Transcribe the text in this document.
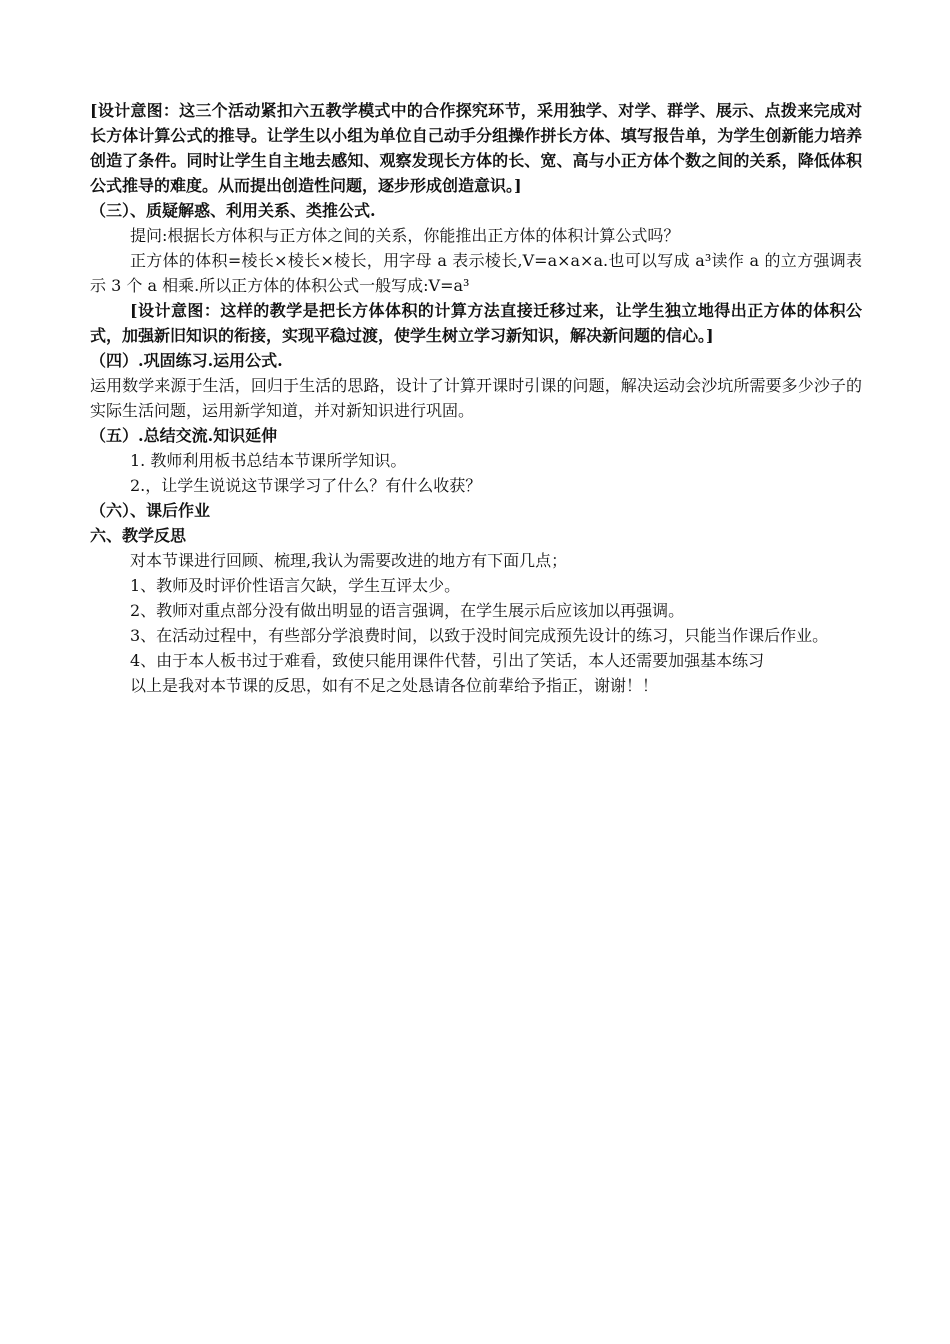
[设计意图：这三个活动紧扣六五教学模式中的合作探究环节，采用独学、对学、群学、展示、点拨来完成对长方体计算公式的推导。让学生以小组为单位自己动手分组操作拼长方体、填写报告单，为学生创新能力培养创造了条件。同时让学生自主地去感知、观察发现长方体的长、宽、高与小正方体个数之间的关系，降低体积公式推导的难度。从而提出创造性问题，逐步形成创造意识。]

（三）、质疑解惑、利用关系、类推公式.

提问:根据长方体积与正方体之间的关系，你能推出正方体的体积计算公式吗？

正方体的体积=棱长×棱长×棱长，用字母 a 表示棱长,V=a×a×a.也可以写成 a³读作 a 的立方强调表示 3 个 a 相乘.所以正方体的体积公式一般写成:V=a³

[设计意图：这样的教学是把长方体体积的计算方法直接迁移过来，让学生独立地得出正方体的体积公式，加强新旧知识的衔接，实现平稳过渡，使学生树立学习新知识，解决新问题的信心。]

（四）.巩固练习.运用公式.

运用数学来源于生活，回归于生活的思路，设计了计算开课时引课的问题，解决运动会沙坑所需要多少沙子的实际生活问题，运用新学知道，并对新知识进行巩固。

（五）.总结交流.知识延伸

1. 教师利用板书总结本节课所学知识。

2.，让学生说说这节课学习了什么？有什么收获？

（六）、课后作业

六、教学反思

对本节课进行回顾、梳理,我认为需要改进的地方有下面几点；

1、教师及时评价性语言欠缺，学生互评太少。

2、教师对重点部分没有做出明显的语言强调，在学生展示后应该加以再强调。

3、在活动过程中，有些部分学浪费时间，以致于没时间完成预先设计的练习，只能当作课后作业。

4、由于本人板书过于难看，致使只能用课件代替，引出了笑话，本人还需要加强基本练习

以上是我对本节课的反思，如有不足之处恳请各位前辈给予指正，谢谢！！
